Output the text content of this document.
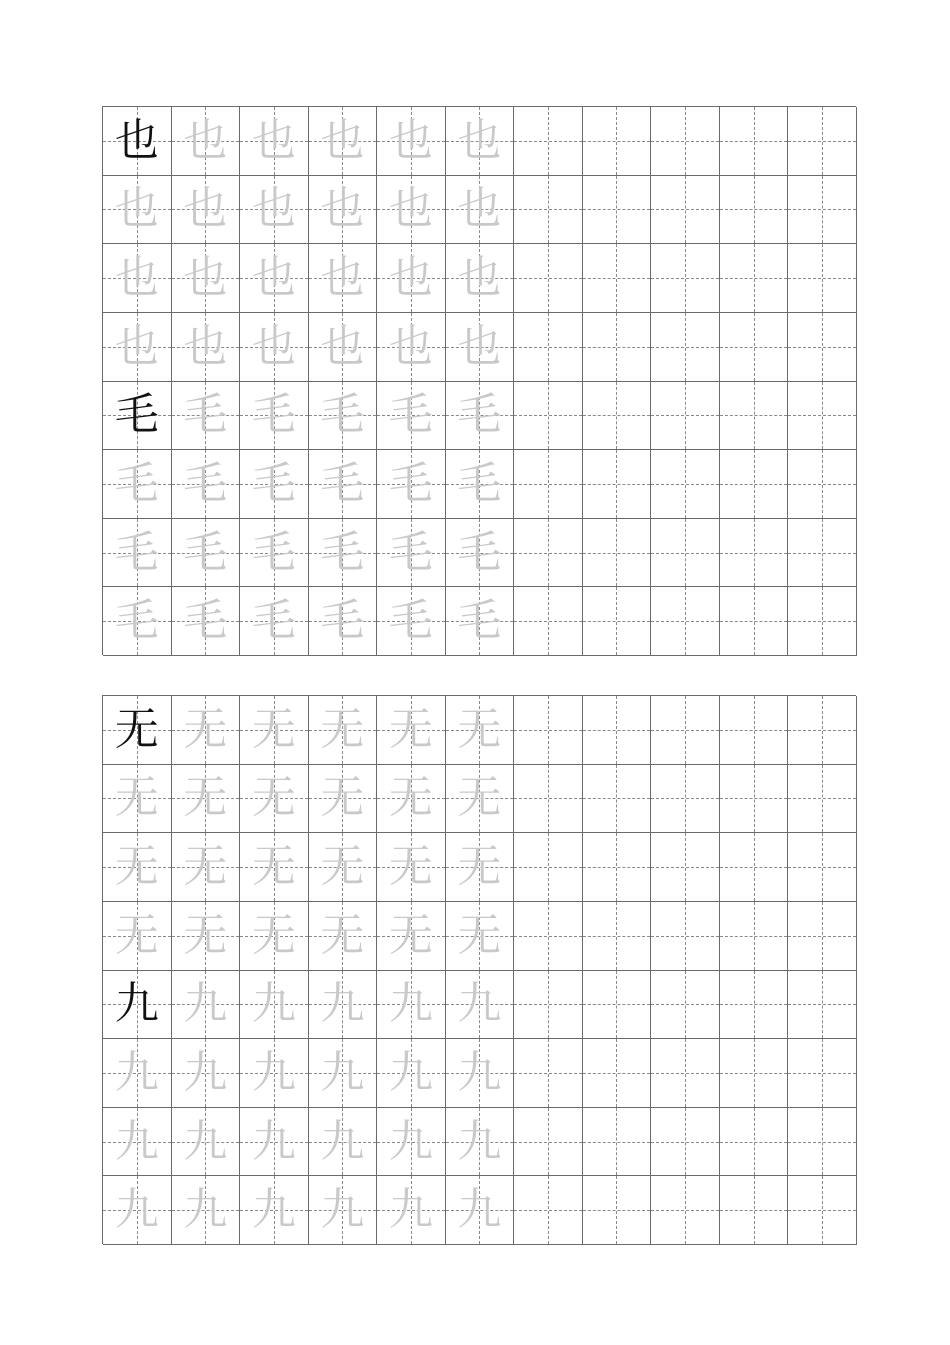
也 也 也 也 也 也
也 也 也 也 也 也
也 也 也 也 也 也
也 也 也 也 也 也
毛 毛 毛 毛 毛 毛
毛 毛 毛 毛 毛 毛
毛 毛 毛 毛 毛 毛
毛 毛 毛 毛 毛 毛
无 无 无 无 无 无
无 无 无 无 无 无
无 无 无 无 无 无
无 无 无 无 无 无
九 九 九 九 九 九
九 九 九 九 九 九
九 九 九 九 九 九
九 九 九 九 九 九
